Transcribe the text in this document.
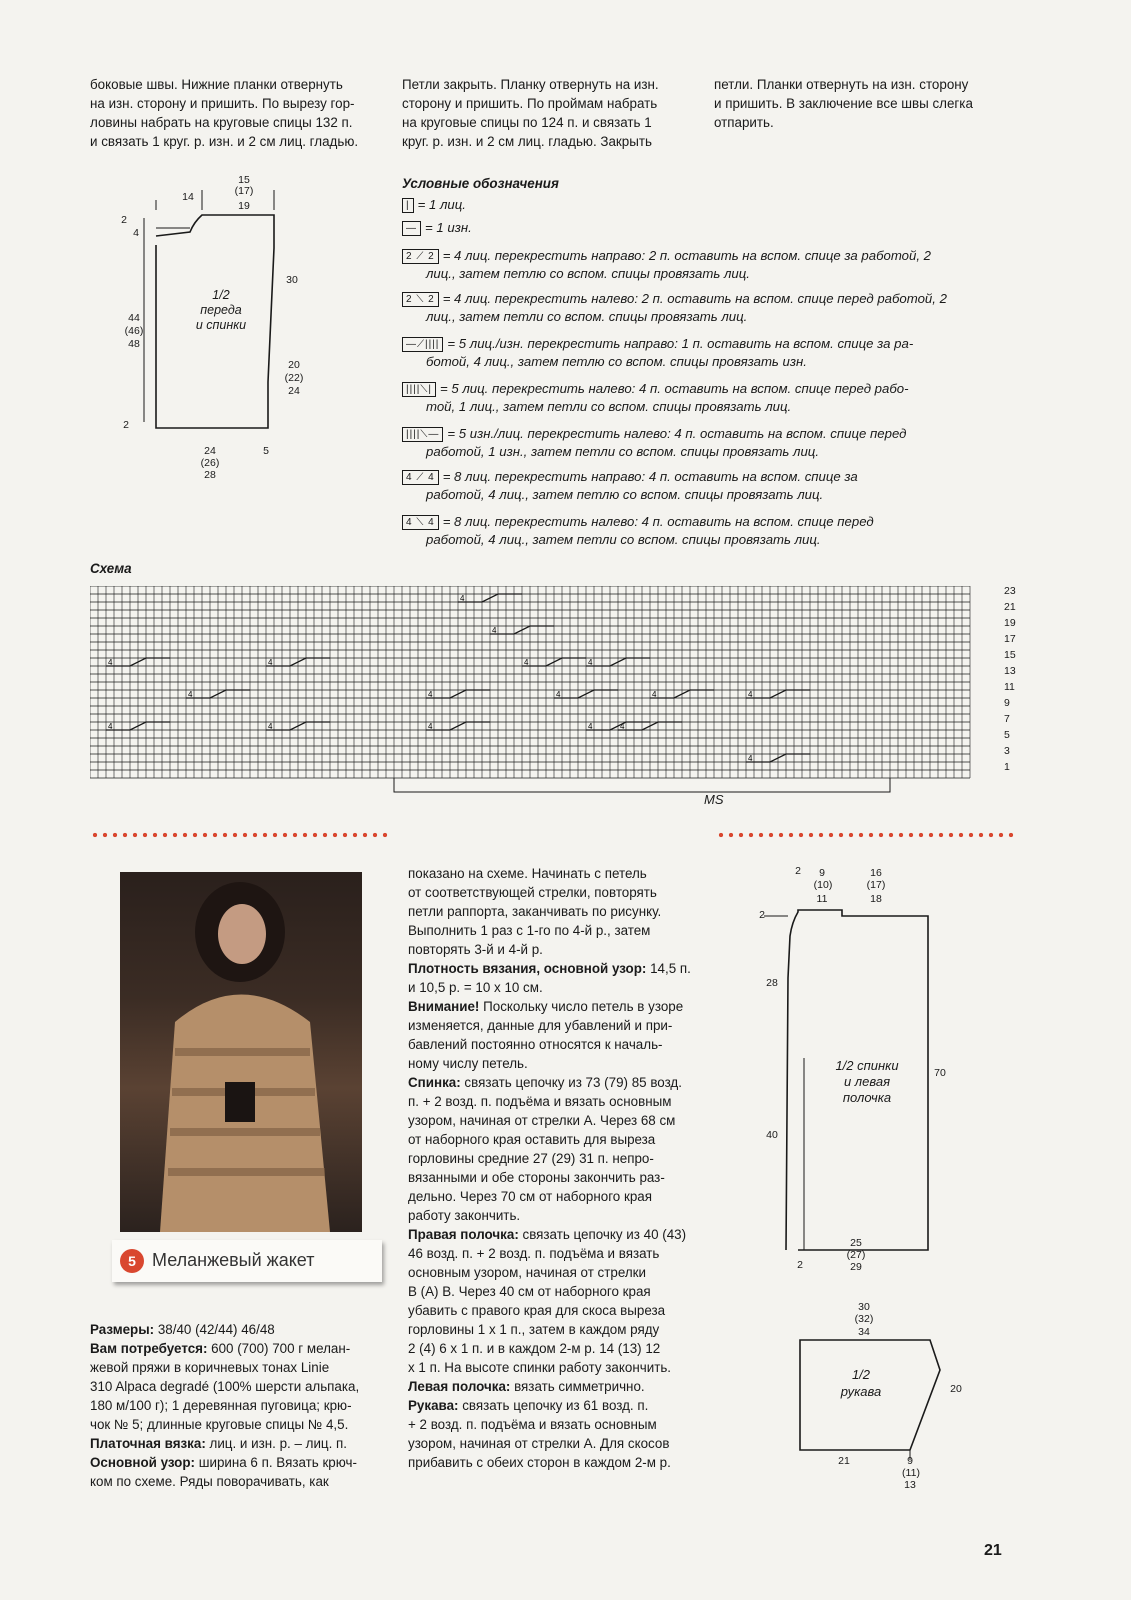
боковые швы. Нижние планки отвернуть

на изн. сторону и пришить. По вырезу гор-

ловины набрать на круговые спицы 132 п.

и связать 1 круг. р. изн. и 2 см лиц. гладью.

Петли закрыть. Планку отвернуть на изн.

сторону и пришить. По проймам набрать

на круговые спицы по 124 п. и связать 1

круг. р. изн. и 2 см лиц. гладью. Закрыть

петли. Планки отвернуть на изн. сторону

и пришить. В заключение все швы слегка

отпарить.

15
(17)
19
14
2
4
30
44
(46)
48
20
(22)
24
2
24
(26)
28
5
1/2
переда
и спинки
Условные обозначения
| = 1 лиц.
— = 1 изн.
2 ⟋ 2 = 4 лиц. перекрестить направо: 2 п. оставить на вспом. спице за работой, 2
лиц., затем петлю со вспом. спицы провязать лиц.
2 ⟍ 2 = 4 лиц. перекрестить налево: 2 п. оставить на вспом. спице перед работой, 2
лиц., затем петли со вспом. спицы провязать лиц.
—⟋|||| = 5 лиц./изн. перекрестить направо: 1 п. оставить на вспом. спице за ра-
ботой, 4 лиц., затем петлю со вспом. спицы провязать изн.
||||⟍| = 5 лиц. перекрестить налево: 4 п. оставить на вспом. спице перед рабо-
той, 1 лиц., затем петли со вспом. спицы провязать лиц.
||||⟍— = 5 изн./лиц. перекрестить налево: 4 п. оставить на вспом. спице перед
работой, 1 изн., затем петли со вспом. спицы провязать лиц.
4 ⟋ 4 = 8 лиц. перекрестить направо: 4 п. оставить на вспом. спице за
работой, 4 лиц., затем петлю со вспом. спицы провязать лиц.
4 ⟍ 4 = 8 лиц. перекрестить налево: 4 п. оставить на вспом. спице перед
работой, 4 лиц., затем петли со вспом. спицы провязать лиц.
Схема
4	4	4
4	4	4
4
4
4
4
4
4
4	4	4	4
4
23
21
19
17
15
13
11
9
7
5
3
1
MS
5 Меланжевый жакет

Размеры: 38/40 (42/44) 46/48

Вам потребуется: 600 (700) 700 г мелан-

жевой пряжи в коричневых тонах Linie

310 Alpaca degradé (100% шерсти альпака,

180 м/100 г); 1 деревянная пуговица; крю-

чок № 5; длинные круговые спицы № 4,5.

Платочная вязка: лиц. и изн. р. – лиц. п.

Основной узор: ширина 6 п. Вязать крюч-

ком по схеме. Ряды поворачивать, как

показано на схеме. Начинать с петель

от соответствующей стрелки, повторять

петли раппорта, заканчивать по рисунку.

Выполнить 1 раз с 1-го по 4-й р., затем

повторять 3-й и 4-й р.

Плотность вязания, основной узор: 14,5 п.

и 10,5 р. = 10 х 10 см.

Внимание! Поскольку число петель в узоре

изменяется, данные для убавлений и при-

бавлений постоянно относятся к началь-

ному числу петель.

Спинка: связать цепочку из 73 (79) 85 возд.

п. + 2 возд. п. подъёма и вязать основным

узором, начиная от стрелки А. Через 68 см

от наборного края оставить для выреза

горловины средние 27 (29) 31 п. непро-

вязанными и обе стороны закончить раз-

дельно. Через 70 см от наборного края

работу закончить.

Правая полочка: связать цепочку из 40 (43)

46 возд. п. + 2 возд. п. подъёма и вязать

основным узором, начиная от стрелки

В (А) В. Через 40 см от наборного края

убавить с правого края для скоса выреза

горловины 1 х 1 п., затем в каждом ряду

2 (4) 6 х 1 п. и в каждом 2-м р. 14 (13) 12

х 1 п. На высоте спинки работу закончить.

Левая полочка: вязать симметрично.

Рукава: связать цепочку из 61 возд. п.

+ 2 возд. п. подъёма и вязать основным

узором, начиная от стрелки А. Для скосов

прибавить с обеих сторон в каждом 2-м р.

2	9
(10)
11
16
(17)
18
2
28
70
40
25
(27)
29
2
1/2 спинки
и левая
полочка
30
(32)
34
20
21	9
(11)
13
1/2
рукава
21
